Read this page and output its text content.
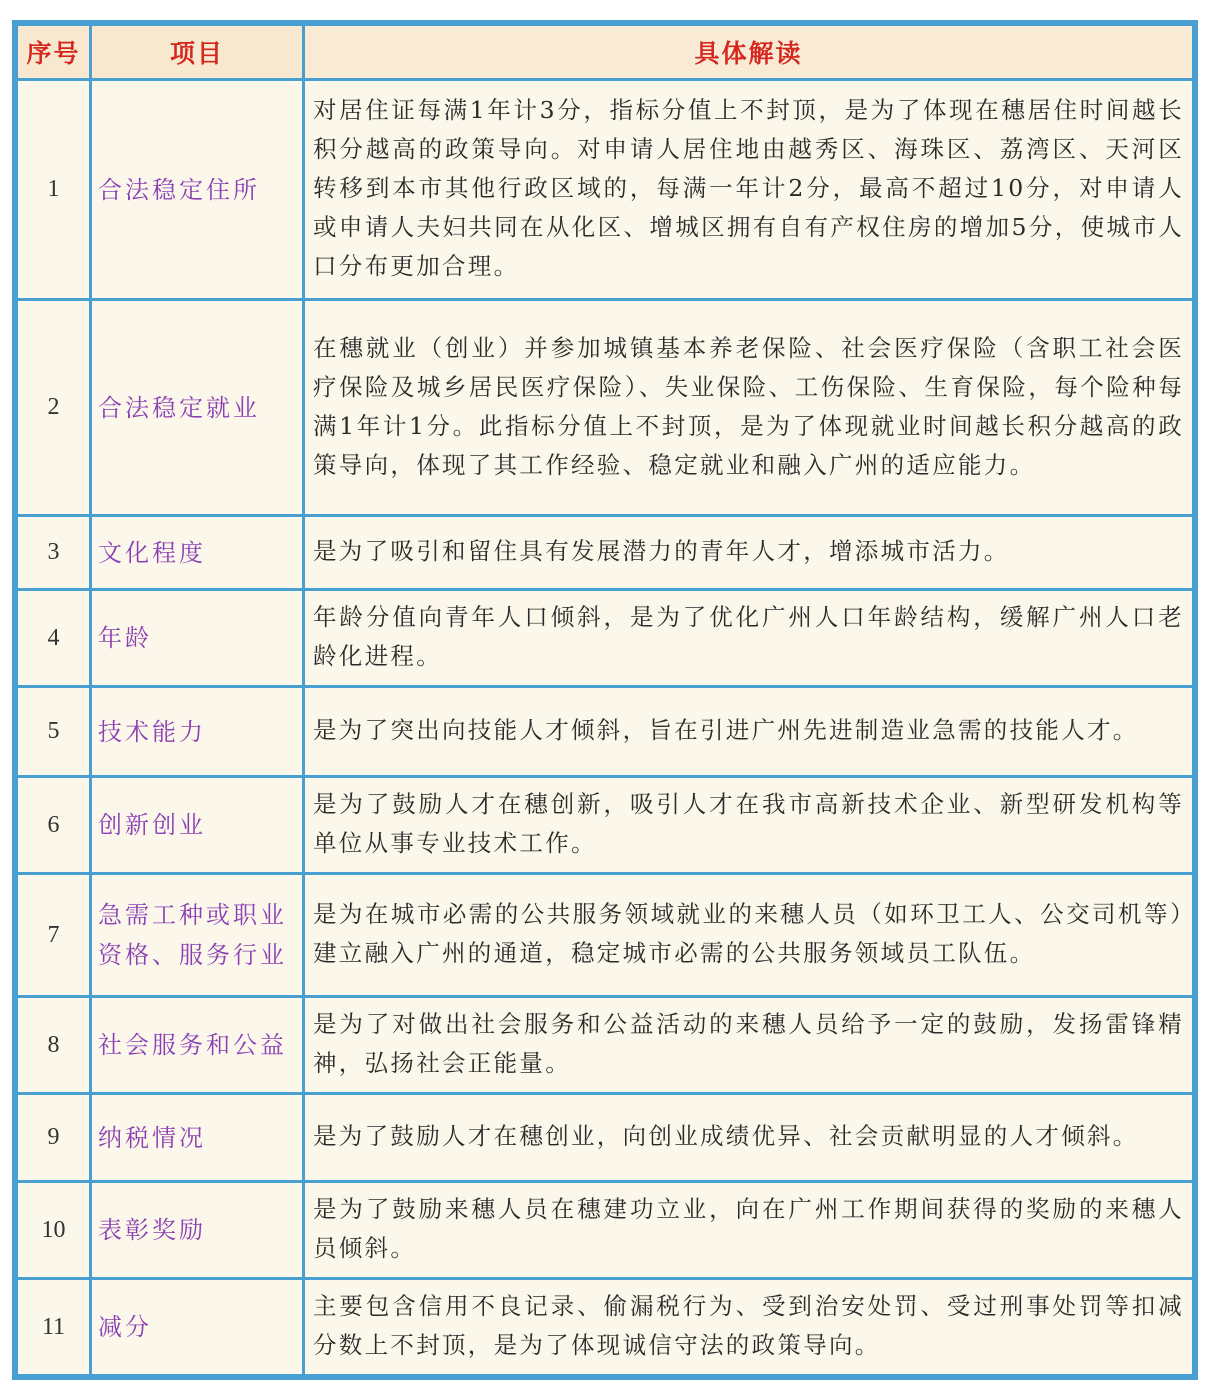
序号	项目	具体解读
1	合法稳定住所	对居住证每满1年计3分，指标分值上不封顶，是为了体现在穗居住时间越长积分越高的政策导向。对申请人居住地由越秀区、海珠区、荔湾区、天河区转移到本市其他行政区域的，每满一年计2分，最高不超过10分，对申请人或申请人夫妇共同在从化区、增城区拥有自有产权住房的增加5分，使城市人口分布更加合理。
2	合法稳定就业	在穗就业（创业）并参加城镇基本养老保险、社会医疗保险（含职工社会医疗保险及城乡居民医疗保险）、失业保险、工伤保险、生育保险，每个险种每满1年计1分。此指标分值上不封顶，是为了体现就业时间越长积分越高的政策导向，体现了其工作经验、稳定就业和融入广州的适应能力。
3	文化程度	是为了吸引和留住具有发展潜力的青年人才，增添城市活力。
4	年龄	年龄分值向青年人口倾斜，是为了优化广州人口年龄结构，缓解广州人口老龄化进程。
5	技术能力	是为了突出向技能人才倾斜，旨在引进广州先进制造业急需的技能人才。
6	创新创业	是为了鼓励人才在穗创新，吸引人才在我市高新技术企业、新型研发机构等单位从事专业技术工作。
7	急需工种或职业资格、服务行业	是为在城市必需的公共服务领域就业的来穗人员（如环卫工人、公交司机等）建立融入广州的通道，稳定城市必需的公共服务领域员工队伍。
8	社会服务和公益	是为了对做出社会服务和公益活动的来穗人员给予一定的鼓励，发扬雷锋精神，弘扬社会正能量。
9	纳税情况	是为了鼓励人才在穗创业，向创业成绩优异、社会贡献明显的人才倾斜。
10	表彰奖励	是为了鼓励来穗人员在穗建功立业，向在广州工作期间获得的奖励的来穗人员倾斜。
11	减分	主要包含信用不良记录、偷漏税行为、受到治安处罚、受过刑事处罚等扣减分数上不封顶，是为了体现诚信守法的政策导向。
